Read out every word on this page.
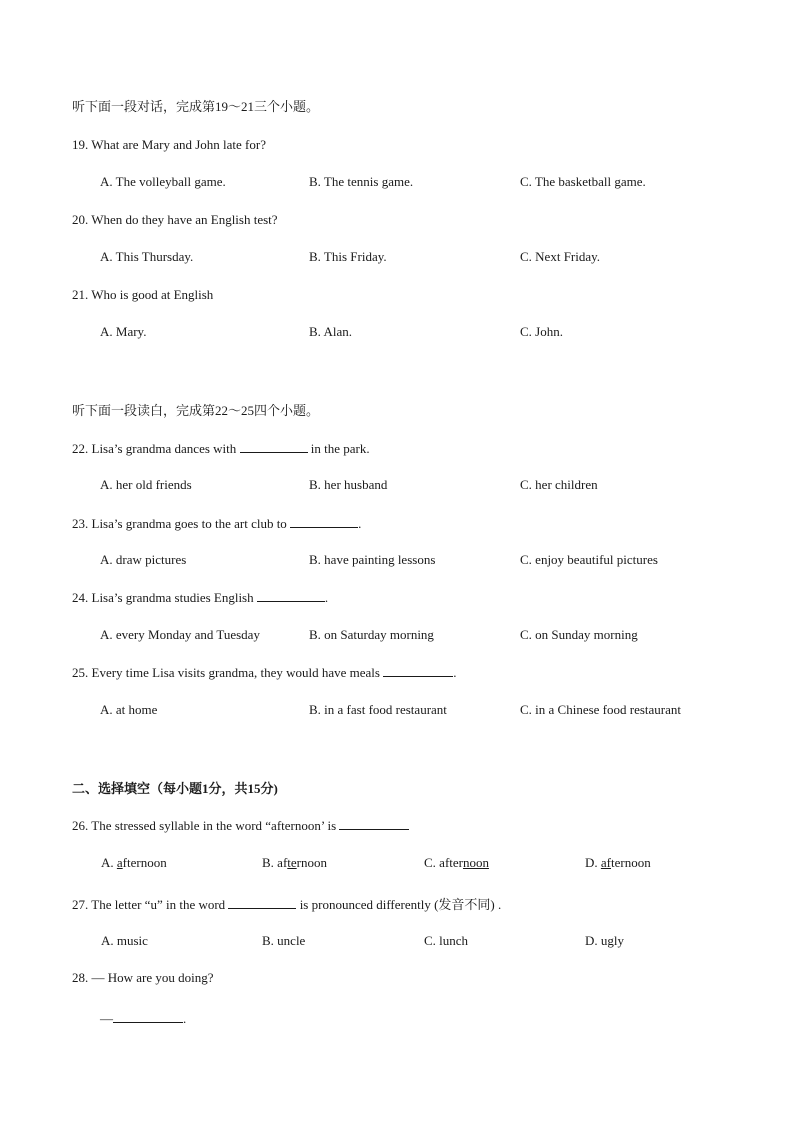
听下面一段对话，完成第19～21三个小题。
19. What are Mary and John late for?
A. The volleyball game.	B. The tennis game.	C. The basketball game.
20. When do they have an English test?
A. This Thursday.	B. This Friday.	C. Next Friday.
21. Who is good at English
A. Mary.	B. Alan.	C. John.
听下面一段读白，完成第22～25四个小题。
22. Lisa’s grandma dances with	in the park.
A. her old friends	B. her husband	C. her children
23. Lisa’s grandma goes to the art club to	.
A. draw pictures	B. have painting lessons	C. enjoy beautiful pictures
24. Lisa’s grandma studies English	.
A. every Monday and Tuesday	B. on Saturday morning	C. on Sunday morning
25. Every time Lisa visits grandma, they would have meals	.
A. at home	B. in a fast food restaurant	C. in a Chinese food restaurant
二、选择填空（每小题1分，共15分)
26. The stressed syllable in the word “afternoon’ is
A. afternoon	B. afternoon	C. afternoon	D. afternoon
27. The letter “u” in the word	is pronounced differently (发音不同) .
A. music	B. uncle	C. lunch	D. ugly
28. — How are you doing?
—	.
